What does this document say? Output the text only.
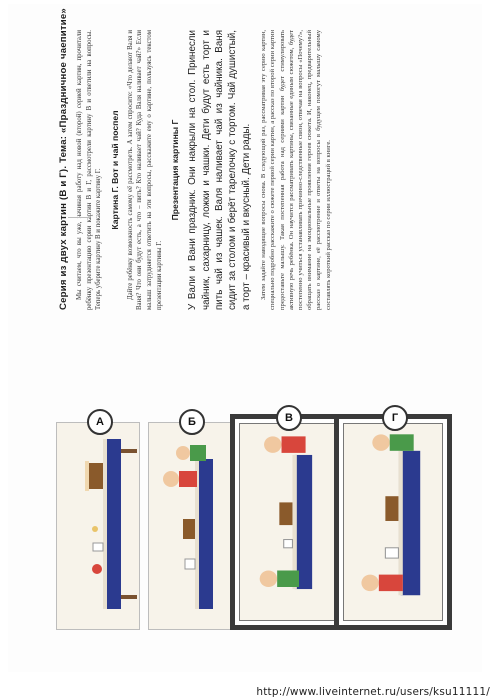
А	Б	В	Г
Серия из двух картин (В и Г). Тема: «Праздничное чаепитие» Мы считаем, что вы уже, начиная работу над новой (второй) серией картин, прочитали ребёнку презентацию серии картин В и Г, рассмотрели картину В и ответили на вопросы. Теперь уберите картину В и покажите картину Г. Картина Г. Вот и чай поспел Дайте ребёнку возможность самому её рассмотреть. А затем спросите: «Что делают Валя и Ваня? Что они будут есть, а что – пить? Кто наливает чай? Куда Валя наливает чай?» Если малыш затрудняется ответить на эти вопросы, расскажите ему о картине, пользуясь текстом презентации картины Г.

Презентация картины Г У Вали и Вани праздник. Они накрыли на стол. Принесли чайник, сахарницу, ложки и чашки. Дети будут есть торт и пить чай из чашек. Валя наливает чай из чайника. Ваня сидит за столом и берёт тарелочку с тортом. Чай душистый, а торт – красивый и вкусный. Дети рады. Затем задайте наводящие вопросы снова. В следующий раз, рассматривая эту серию картин, специально подробно расскажите о сюжете первой серии картин, а рассказ по второй серии картин предоставьте малышу. Такая постепенная работа над сериями картин будет стимулировать активную речь ребёнка. Он научится рассматривать картины, связанные единым сюжетом, будет постепенно учиться устанавливать причинно-следственные связи, отвечая на вопросы «Почему?», обращать внимание на эмоциональные проявления героев сюжета. И, наконец, предварительный рассказ о картине, её рассмотрение и ответы на вопросы в будущем помогут малышу самому составлять короткий рассказ по серии иллюстраций в книге.

http://www.liveinternet.ru/users/ksu11111/
